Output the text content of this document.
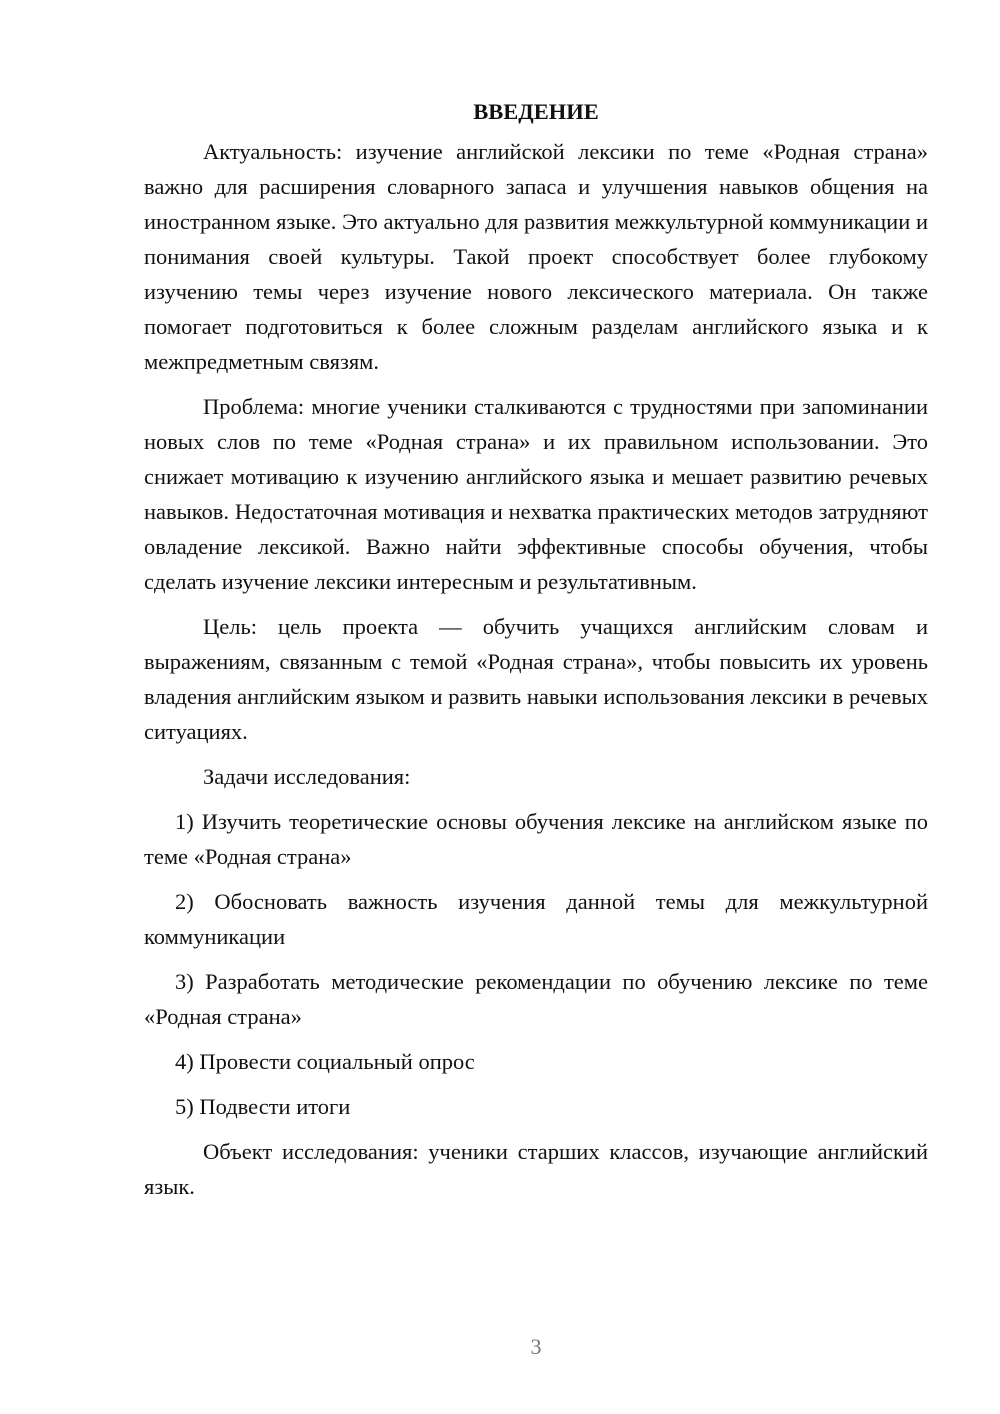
ВВЕДЕНИЕ

Актуальность: изучение английской лексики по теме «Родная страна» важно для расширения словарного запаса и улучшения навыков общения на иностранном языке. Это актуально для развития межкультурной коммуникации и понимания своей культуры. Такой проект способствует более глубокому изучению темы через изучение нового лексического материала. Он также помогает подготовиться к более сложным разделам английского языка и к межпредметным связям.

Проблема: многие ученики сталкиваются с трудностями при запоминании новых слов по теме «Родная страна» и их правильном использовании. Это снижает мотивацию к изучению английского языка и мешает развитию речевых навыков. Недостаточная мотивация и нехватка практических методов затрудняют овладение лексикой. Важно найти эффективные способы обучения, чтобы сделать изучение лексики интересным и результативным.

Цель: цель проекта — обучить учащихся английским словам и выражениям, связанным с темой «Родная страна», чтобы повысить их уровень владения английским языком и развить навыки использования лексики в речевых ситуациях.

Задачи исследования:

1) Изучить теоретические основы обучения лексике на английском языке по теме «Родная страна»

2) Обосновать важность изучения данной темы для межкультурной коммуникации

3) Разработать методические рекомендации по обучению лексике по теме «Родная страна»

4) Провести социальный опрос

5) Подвести итоги

Объект исследования: ученики старших классов, изучающие английский язык.

3
